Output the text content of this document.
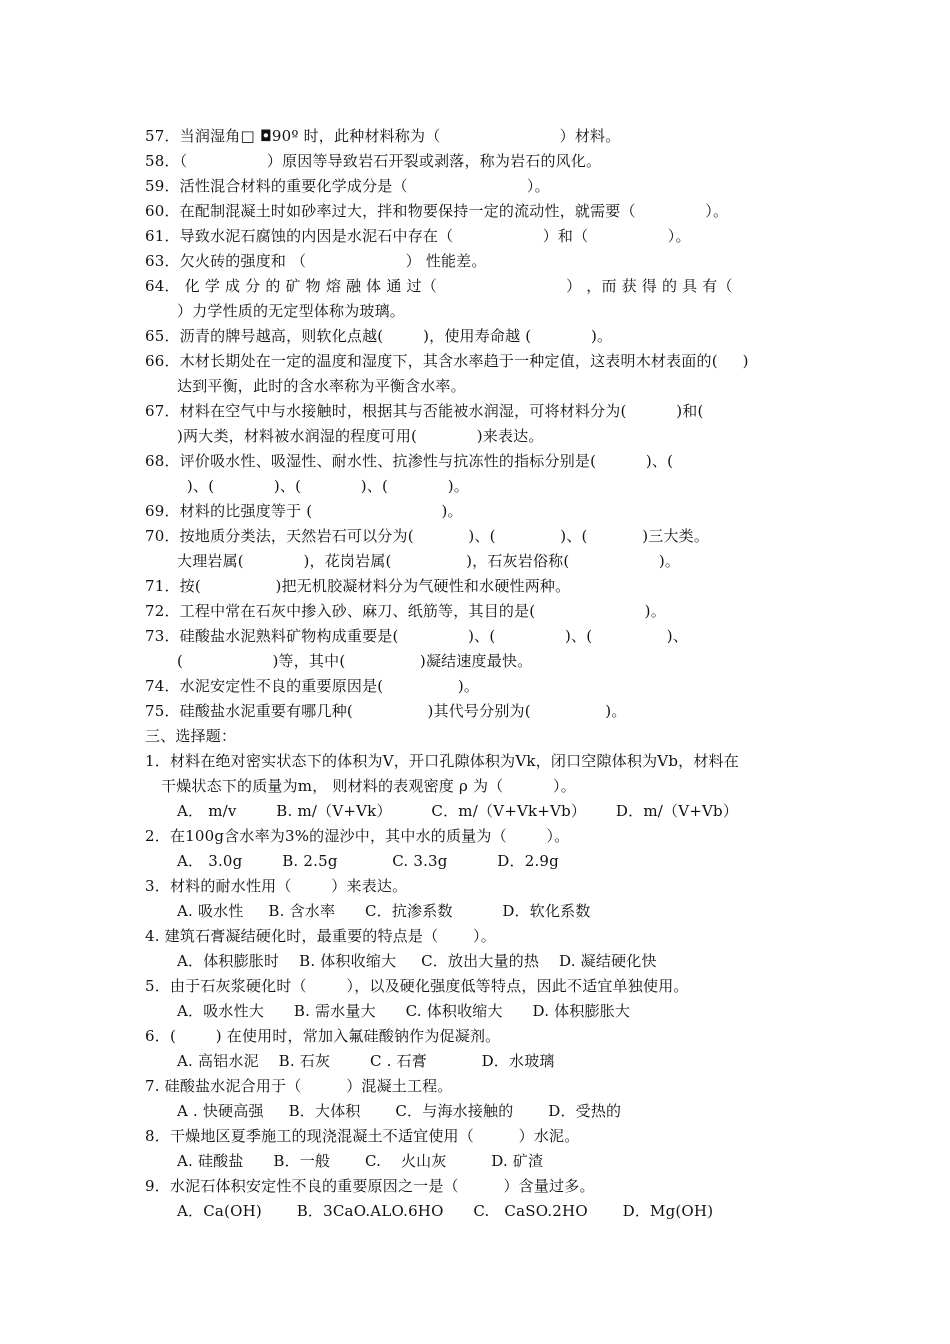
57．当润湿角□ ◘90º 时，此种材料称为（                        ）材料。
58．（                ）原因等导致岩石开裂或剥落，称为岩石的风化。
59．活性混合材料的重要化学成分是（                        ）。
60．在配制混凝土时如砂率过大，拌和物要保持一定的流动性，就需要（              ）。
61．导致水泥石腐蚀的内因是水泥石中存在（                  ）和（                ）。
63．欠火砖的强度和 （                    ） 性能差。
64． 化 学 成 分 的 矿 物 熔 融 体 通 过（                          ） ，而 获 得 的 具 有（
）力学性质的无定型体称为玻璃。
65．沥青的牌号越高，则软化点越(        )，使用寿命越 (            )。
66．木材长期处在一定的温度和湿度下，其含水率趋于一种定值，这表明木材表面的(     )
达到平衡，此时的含水率称为平衡含水率。
67．材料在空气中与水接触时，根据其与否能被水润湿，可将材料分为(          )和(
)两大类，材料被水润湿的程度可用(            )来表达。
68．评价吸水性、吸湿性、耐水性、抗渗性与抗冻性的指标分别是(          )、(
)、(            )、(            )、(            )。
69．材料的比强度等于 (                          )。
70．按地质分类法，天然岩石可以分为(           )、(             )、(           )三大类。
大理岩属(            )，花岗岩属(               )，石灰岩俗称(                  )。
71．按(               )把无机胶凝材料分为气硬性和水硬性两种。
72．工程中常在石灰中掺入砂、麻刀、纸筋等，其目的是(                      )。
73．硅酸盐水泥熟料矿物构成重要是(              )、(              )、(               )、
(                  )等，其中(               )凝结速度最快。
74．水泥安定性不良的重要原因是(               )。
75．硅酸盐水泥重要有哪几种(               )其代号分别为(               )。
三、选择题：
1．材料在绝对密实状态下的体积为V，开口孔隙体积为Vk，闭口空隙体积为Vb，材料在
干燥状态下的质量为m， 则材料的表观密度 ρ 为（          ）。
A． m/v        B. m/（V+Vk）        C．m/（V+Vk+Vb）      D．m/（V+Vb）
2．在100g含水率为3%的湿沙中，其中水的质量为（        ）。
A． 3.0g        B. 2.5g           C. 3.3g          D．2.9g
3．材料的耐水性用（        ）来表达。
A. 吸水性     B. 含水率      C．抗渗系数          D．软化系数
4. 建筑石膏凝结硬化时，最重要的特点是（       ）。
A．体积膨胀时    B. 体积收缩大     C．放出大量的热    D. 凝结硬化快
5．由于石灰浆硬化时（        ），以及硬化强度低等特点，因此不适宜单独使用。
A．吸水性大      B. 需水量大      C. 体积收缩大      D. 体积膨胀大
6．(        ) 在使用时，常加入氟硅酸钠作为促凝剂。
A. 高铝水泥    B. 石灰        C . 石膏           D．水玻璃
7. 硅酸盐水泥合用于（         ）混凝土工程。
A . 快硬高强     B．大体积       C．与海水接触的       D．受热的
8．干燥地区夏季施工的现浇混凝土不适宜使用（         ）水泥。
A. 硅酸盐      B．一般       C.    火山灰         D. 矿渣
9．水泥石体积安定性不良的重要原因之一是（         ）含量过多。
A．Ca(OH)       B．3CaO.ALO.6HO      C.   CaSO.2HO       D．Mg(OH)
